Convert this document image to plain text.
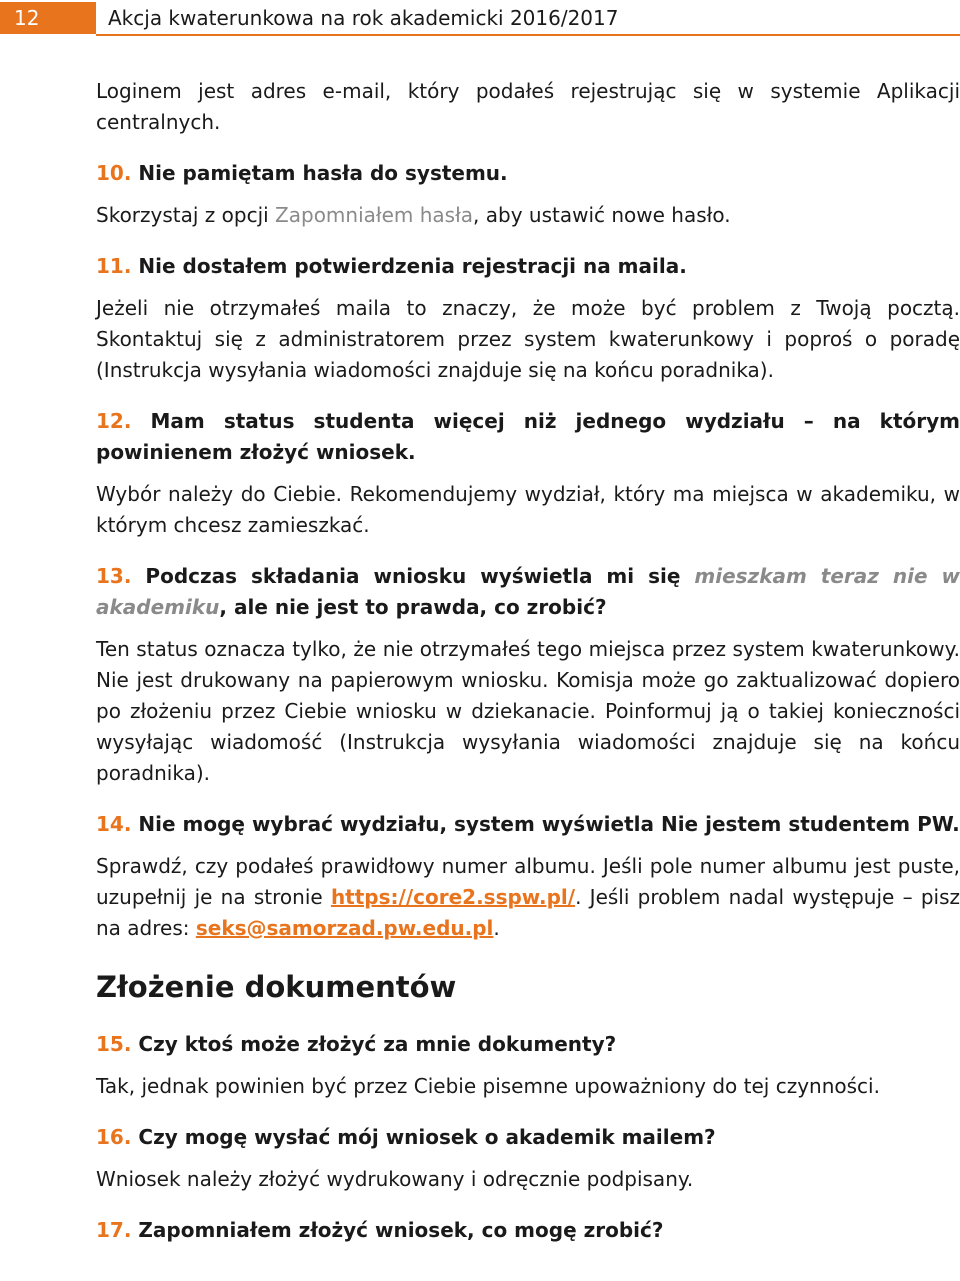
12	Akcja kwaterunkowa na rok akademicki 2016/2017

Loginem jest adres e-mail, który podałeś rejestrując się w systemie Aplikacji centralnych.

10. Nie pamiętam hasła do systemu.

Skorzystaj z opcji Zapomniałem hasła, aby ustawić nowe hasło.

11. Nie dostałem potwierdzenia rejestracji na maila.

Jeżeli nie otrzymałeś maila to znaczy, że może być problem z Twoją pocztą. Skontaktuj się z administratorem przez system kwaterunkowy i poproś o poradę (Instrukcja wysyłania wiadomości znajduje się na końcu poradnika).

12. Mam status studenta więcej niż jednego wydziału – na którym powinienem złożyć wniosek.

Wybór należy do Ciebie. Rekomendujemy wydział, który ma miejsca w akademiku, w którym chcesz zamieszkać.

13. Podczas składania wniosku wyświetla mi się mieszkam teraz nie w akademiku, ale nie jest to prawda, co zrobić?

Ten status oznacza tylko, że nie otrzymałeś tego miejsca przez system kwaterunkowy. Nie jest drukowany na papierowym wniosku. Komisja może go zaktualizować dopiero po złożeniu przez Ciebie wniosku w dziekanacie. Poinformuj ją o takiej konieczności wysyłając wiadomość (Instrukcja wysyłania wiadomości znajduje się na końcu poradnika).

14. Nie mogę wybrać wydziału, system wyświetla Nie jestem studentem PW.

Sprawdź, czy podałeś prawidłowy numer albumu. Jeśli pole numer albumu jest puste, uzupełnij je na stronie https://core2.sspw.pl/. Jeśli problem nadal występuje – pisz na adres: seks@samorzad.pw.edu.pl.

Złożenie dokumentów

15. Czy ktoś może złożyć za mnie dokumenty?

Tak, jednak powinien być przez Ciebie pisemne upoważniony do tej czynności.

16. Czy mogę wysłać mój wniosek o akademik mailem?

Wniosek należy złożyć wydrukowany i odręcznie podpisany.

17. Zapomniałem złożyć wniosek, co mogę zrobić?
